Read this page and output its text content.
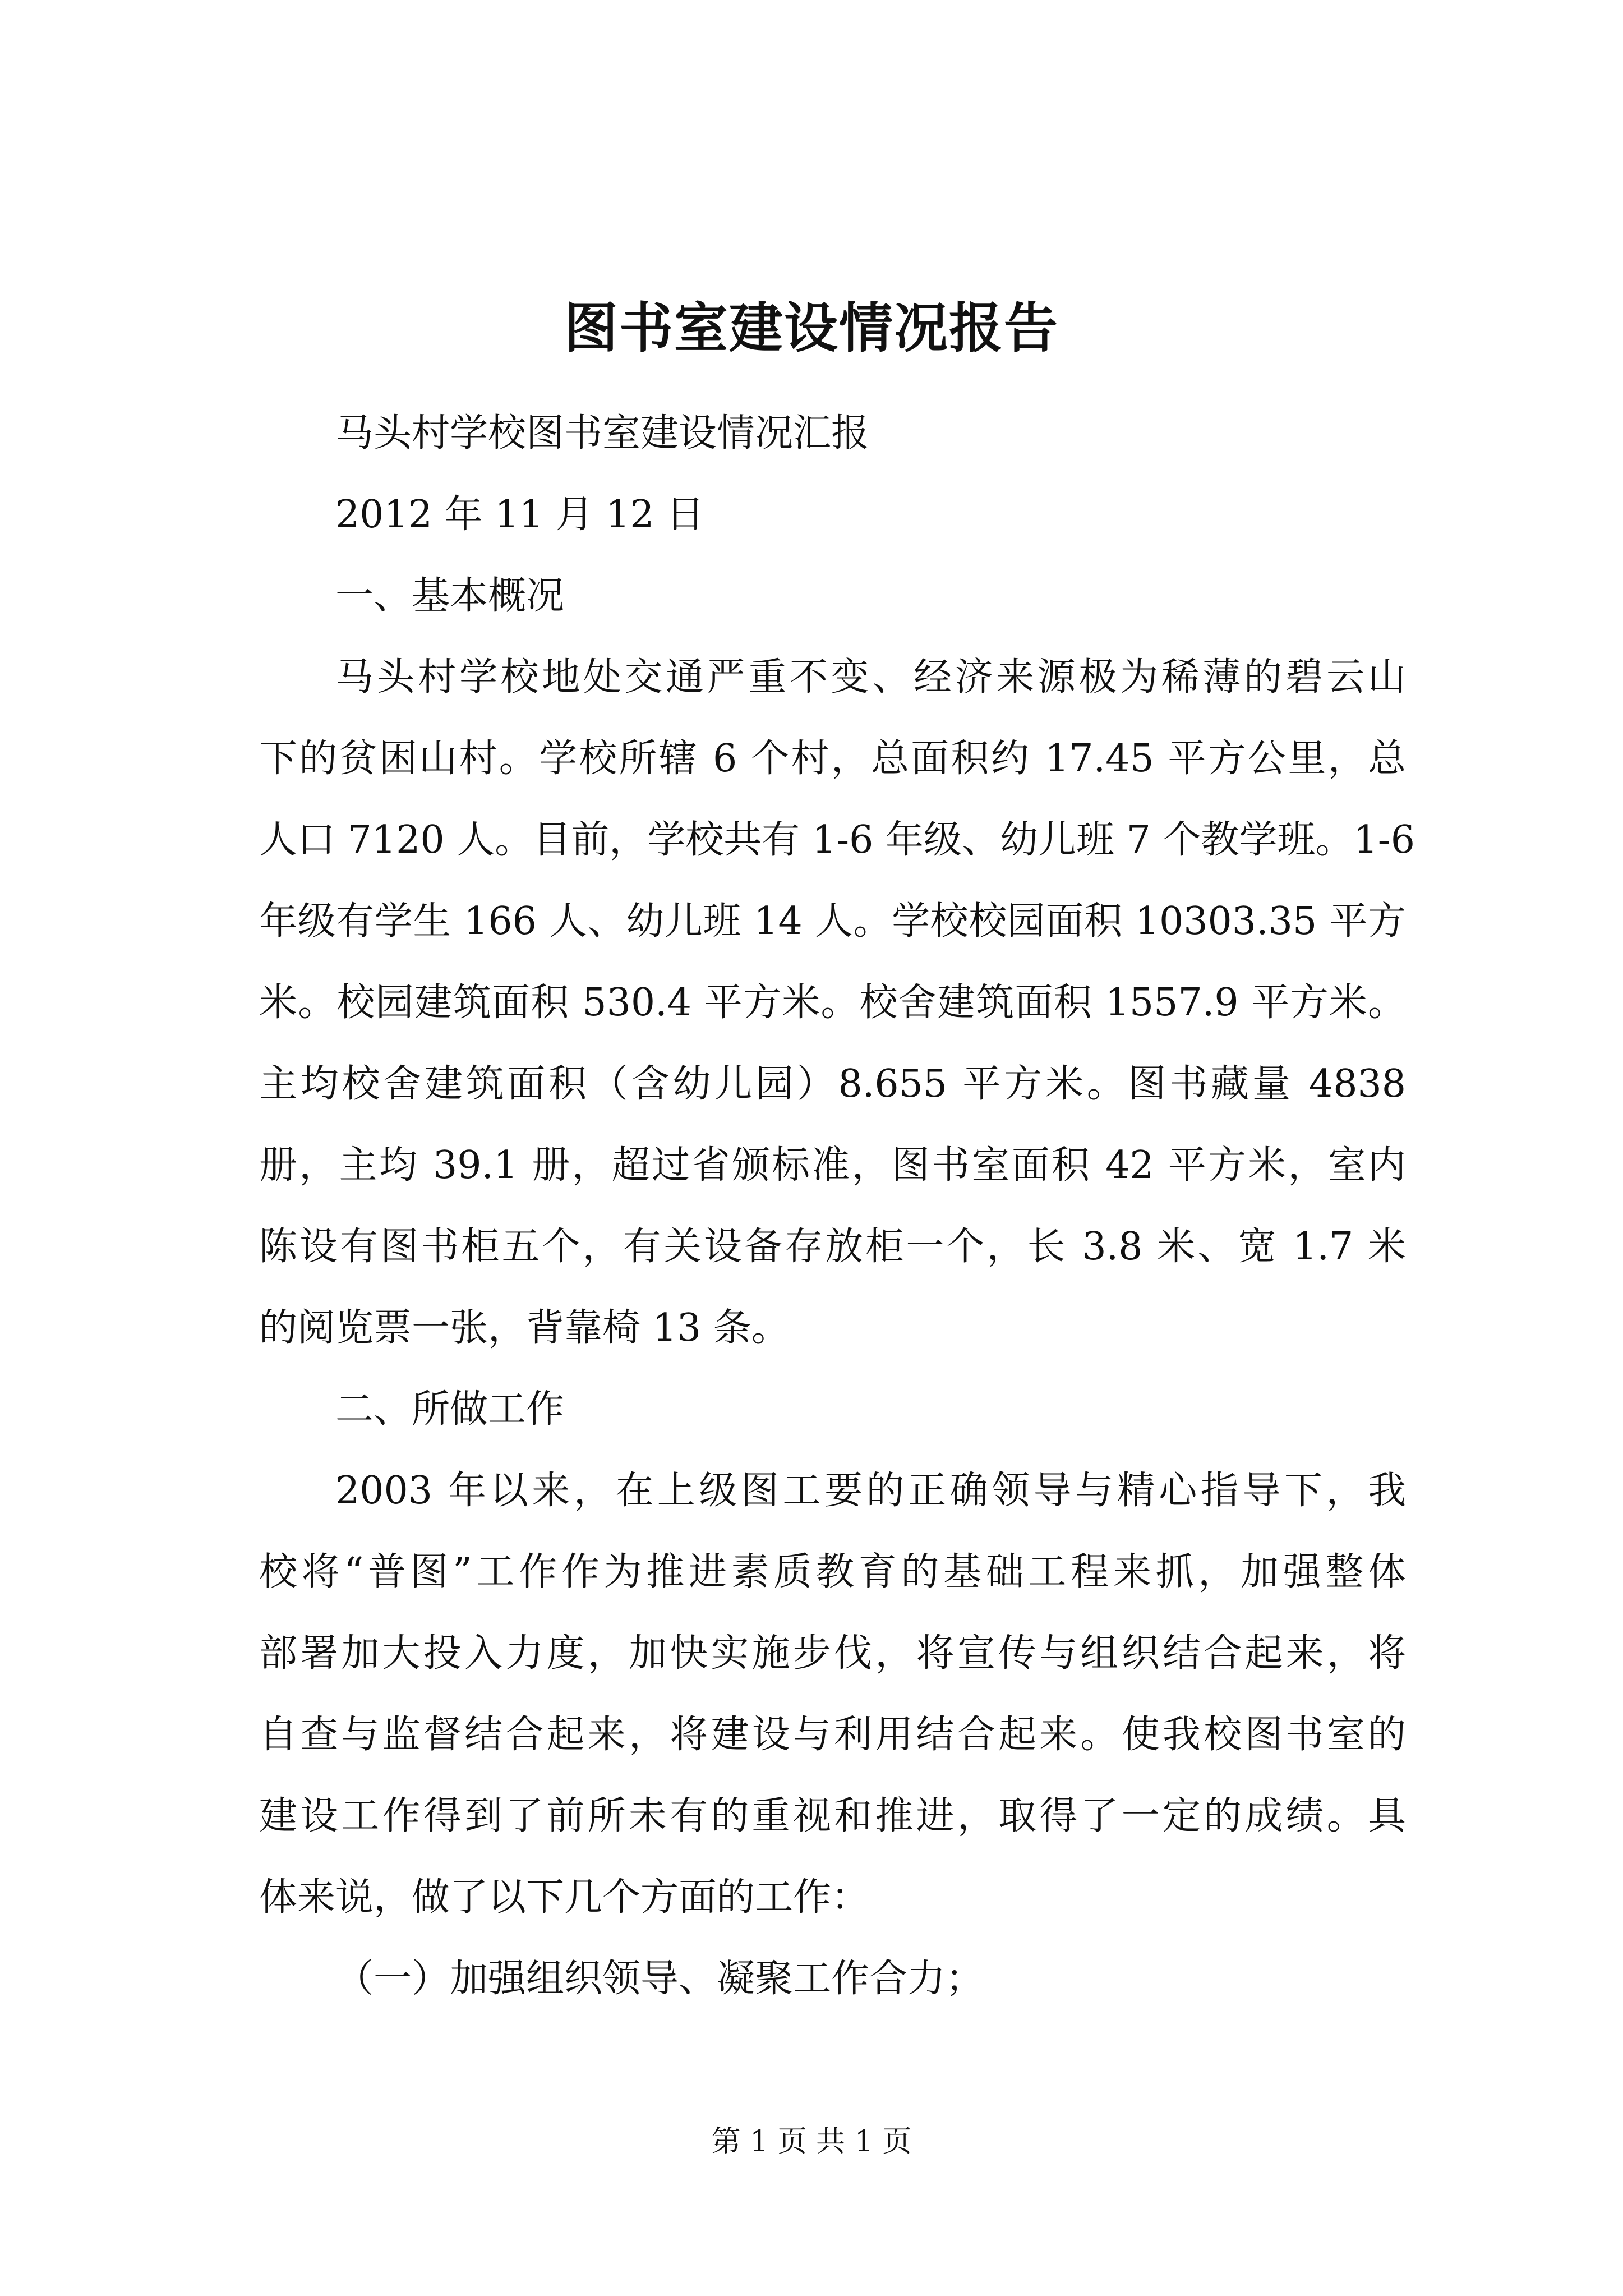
图书室建设情况报告

马头村学校图书室建设情况汇报

2012 年 11 月 12 日

一、基本概况

马头村学校地处交通严重不变、经济来源极为稀薄的碧云山

下的贫困山村。学校所辖 6 个村，总面积约 17.45 平方公里，总

人口 7120 人。目前，学校共有 1-6 年级、幼儿班 7 个教学班。1-6

年级有学生 166 人、幼儿班 14 人。学校校园面积 10303.35 平方

米。校园建筑面积 530.4 平方米。校舍建筑面积 1557.9 平方米。

主均校舍建筑面积（含幼儿园）8.655 平方米。图书藏量 4838

册，主均 39.1 册，超过省颁标准，图书室面积 42 平方米，室内

陈设有图书柜五个，有关设备存放柜一个，长 3.8 米、宽 1.7 米

的阅览票一张，背靠椅 13 条。

二、所做工作

2003 年以来，在上级图工要的正确领导与精心指导下，我

校将“普图”工作作为推进素质教育的基础工程来抓，加强整体

部署加大投入力度，加快实施步伐，将宣传与组织结合起来，将

自查与监督结合起来，将建设与利用结合起来。使我校图书室的

建设工作得到了前所未有的重视和推进，取得了一定的成绩。具

体来说，做了以下几个方面的工作：

（一）加强组织领导、凝聚工作合力；

第 1 页 共 1 页
